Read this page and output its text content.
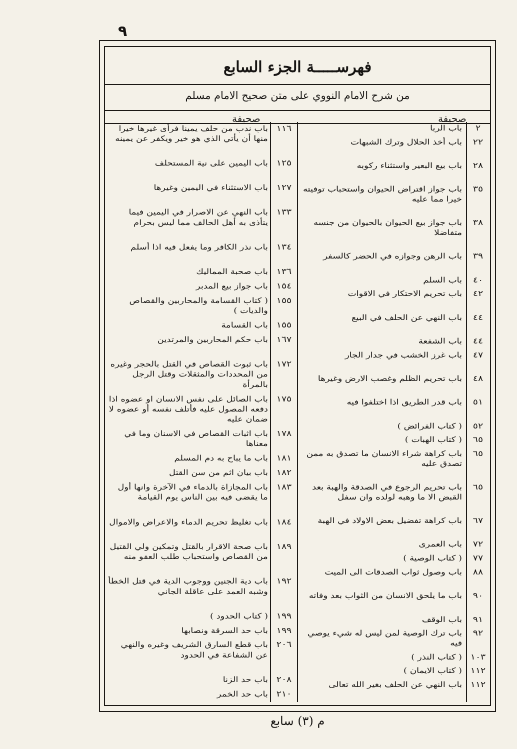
٩
فهرســـــة الجزء السابع
من شرح الامام النووي على متن صحيح الامام مسلم
صحيفة
صحيفة
٢
باب الربا
٢٢
باب أخذ الحلال وترك الشبهات
٢٨
باب بيع البعير واستثناء ركوبه
٣٥
باب جواز اقتراض الحيوان واستحباب توفيته خيرا مما عليه
٣٨
باب جواز بيع الحيوان بالحيوان من جنسه متفاضلا
٣٩
باب الرهن وجوازه في الحضر كالسفر
٤٠
باب السلم
٤٢
باب تحريم الاحتكار في الاقوات
٤٤
باب النهي عن الحلف في البيع
٤٤
باب الشفعة
٤٧
باب غرز الخشب في جدار الجار
٤٨
باب تحريم الظلم وغصب الارض وغيرها
٥١
باب قدر الطريق اذا اختلفوا فيه
٥٢
( كتاب الفرائض )
٦٥
( كتاب الهبات )
٦٥
باب كراهة شراء الانسان ما تصدق به ممن تصدق عليه
٦٥
باب تحريم الرجوع في الصدقة والهبة بعد القبض الا ما وهبه لولده وان سفل
٦٧
باب كراهة تفضيل بعض الاولاد في الهبة
٧٢
باب العمرى
٧٧
( كتاب الوصية )
٨٨
باب وصول ثواب الصدقات الى الميت
٩٠
باب ما يلحق الانسان من الثواب بعد وفاته
٩١
باب الوقف
٩٢
باب ترك الوصية لمن ليس له شيء يوصي فيه
١٠٣
( كتاب النذر )
١١٢
( كتاب الايمان )
١١٢
باب النهي عن الحلف بغير الله تعالى
١١٦
باب ندب من حلف يمينا فرأى غيرها خيرا منها أن يأتي الذي هو خير ويكفر عن يمينه
١٢٥
باب اليمين على نية المستحلف
١٢٧
باب الاستثناء في اليمين وغيرها
١٣٣
باب النهي عن الاصرار في اليمين فيما يتأذى به أهل الحالف مما ليس بحرام
١٣٤
باب نذر الكافر وما يفعل فيه اذا أسلم
١٣٦
باب صحبة المماليك
١٥٤
باب جواز بيع المدبر
١٥٥
( كتاب القسامة والمحاربين والقصاص والديات )
١٥٥
باب القسامة
١٦٧
باب حكم المحاربين والمرتدين
١٧٢
باب ثبوت القصاص في القتل بالحجر وغيره من المحددات والمثقلات وقتل الرجل بالمرأة
١٧٥
باب الصائل على نفس الانسان او عضوه اذا دفعه المصول عليه فأتلف نفسه أو عضوه لا ضمان عليه
١٧٨
باب اثبات القصاص في الاسنان وما في معناها
١٨١
باب ما يباح به دم المسلم
١٨٢
باب بيان اثم من سن القتل
١٨٣
باب المجازاة بالدماء في الآخرة وانها أول ما يقضى فيه بين الناس يوم القيامة
١٨٤
باب تغليظ تحريم الدماء والاعراض والاموال
١٨٩
باب صحة الاقرار بالقتل وتمكين ولي القتيل من القصاص واستحباب طلب العفو منه
١٩٢
باب دية الجنين ووجوب الدية في قتل الخطأ وشبه العمد على عاقلة الجاني
١٩٩
( كتاب الحدود )
١٩٩
باب حد السرقة ونصابها
٢٠٦
باب قطع السارق الشريف وغيره والنهي عن الشفاعة في الحدود
٢٠٨
باب حد الزنا
٢١٠
باب حد الخمر
م (٣) سابع
